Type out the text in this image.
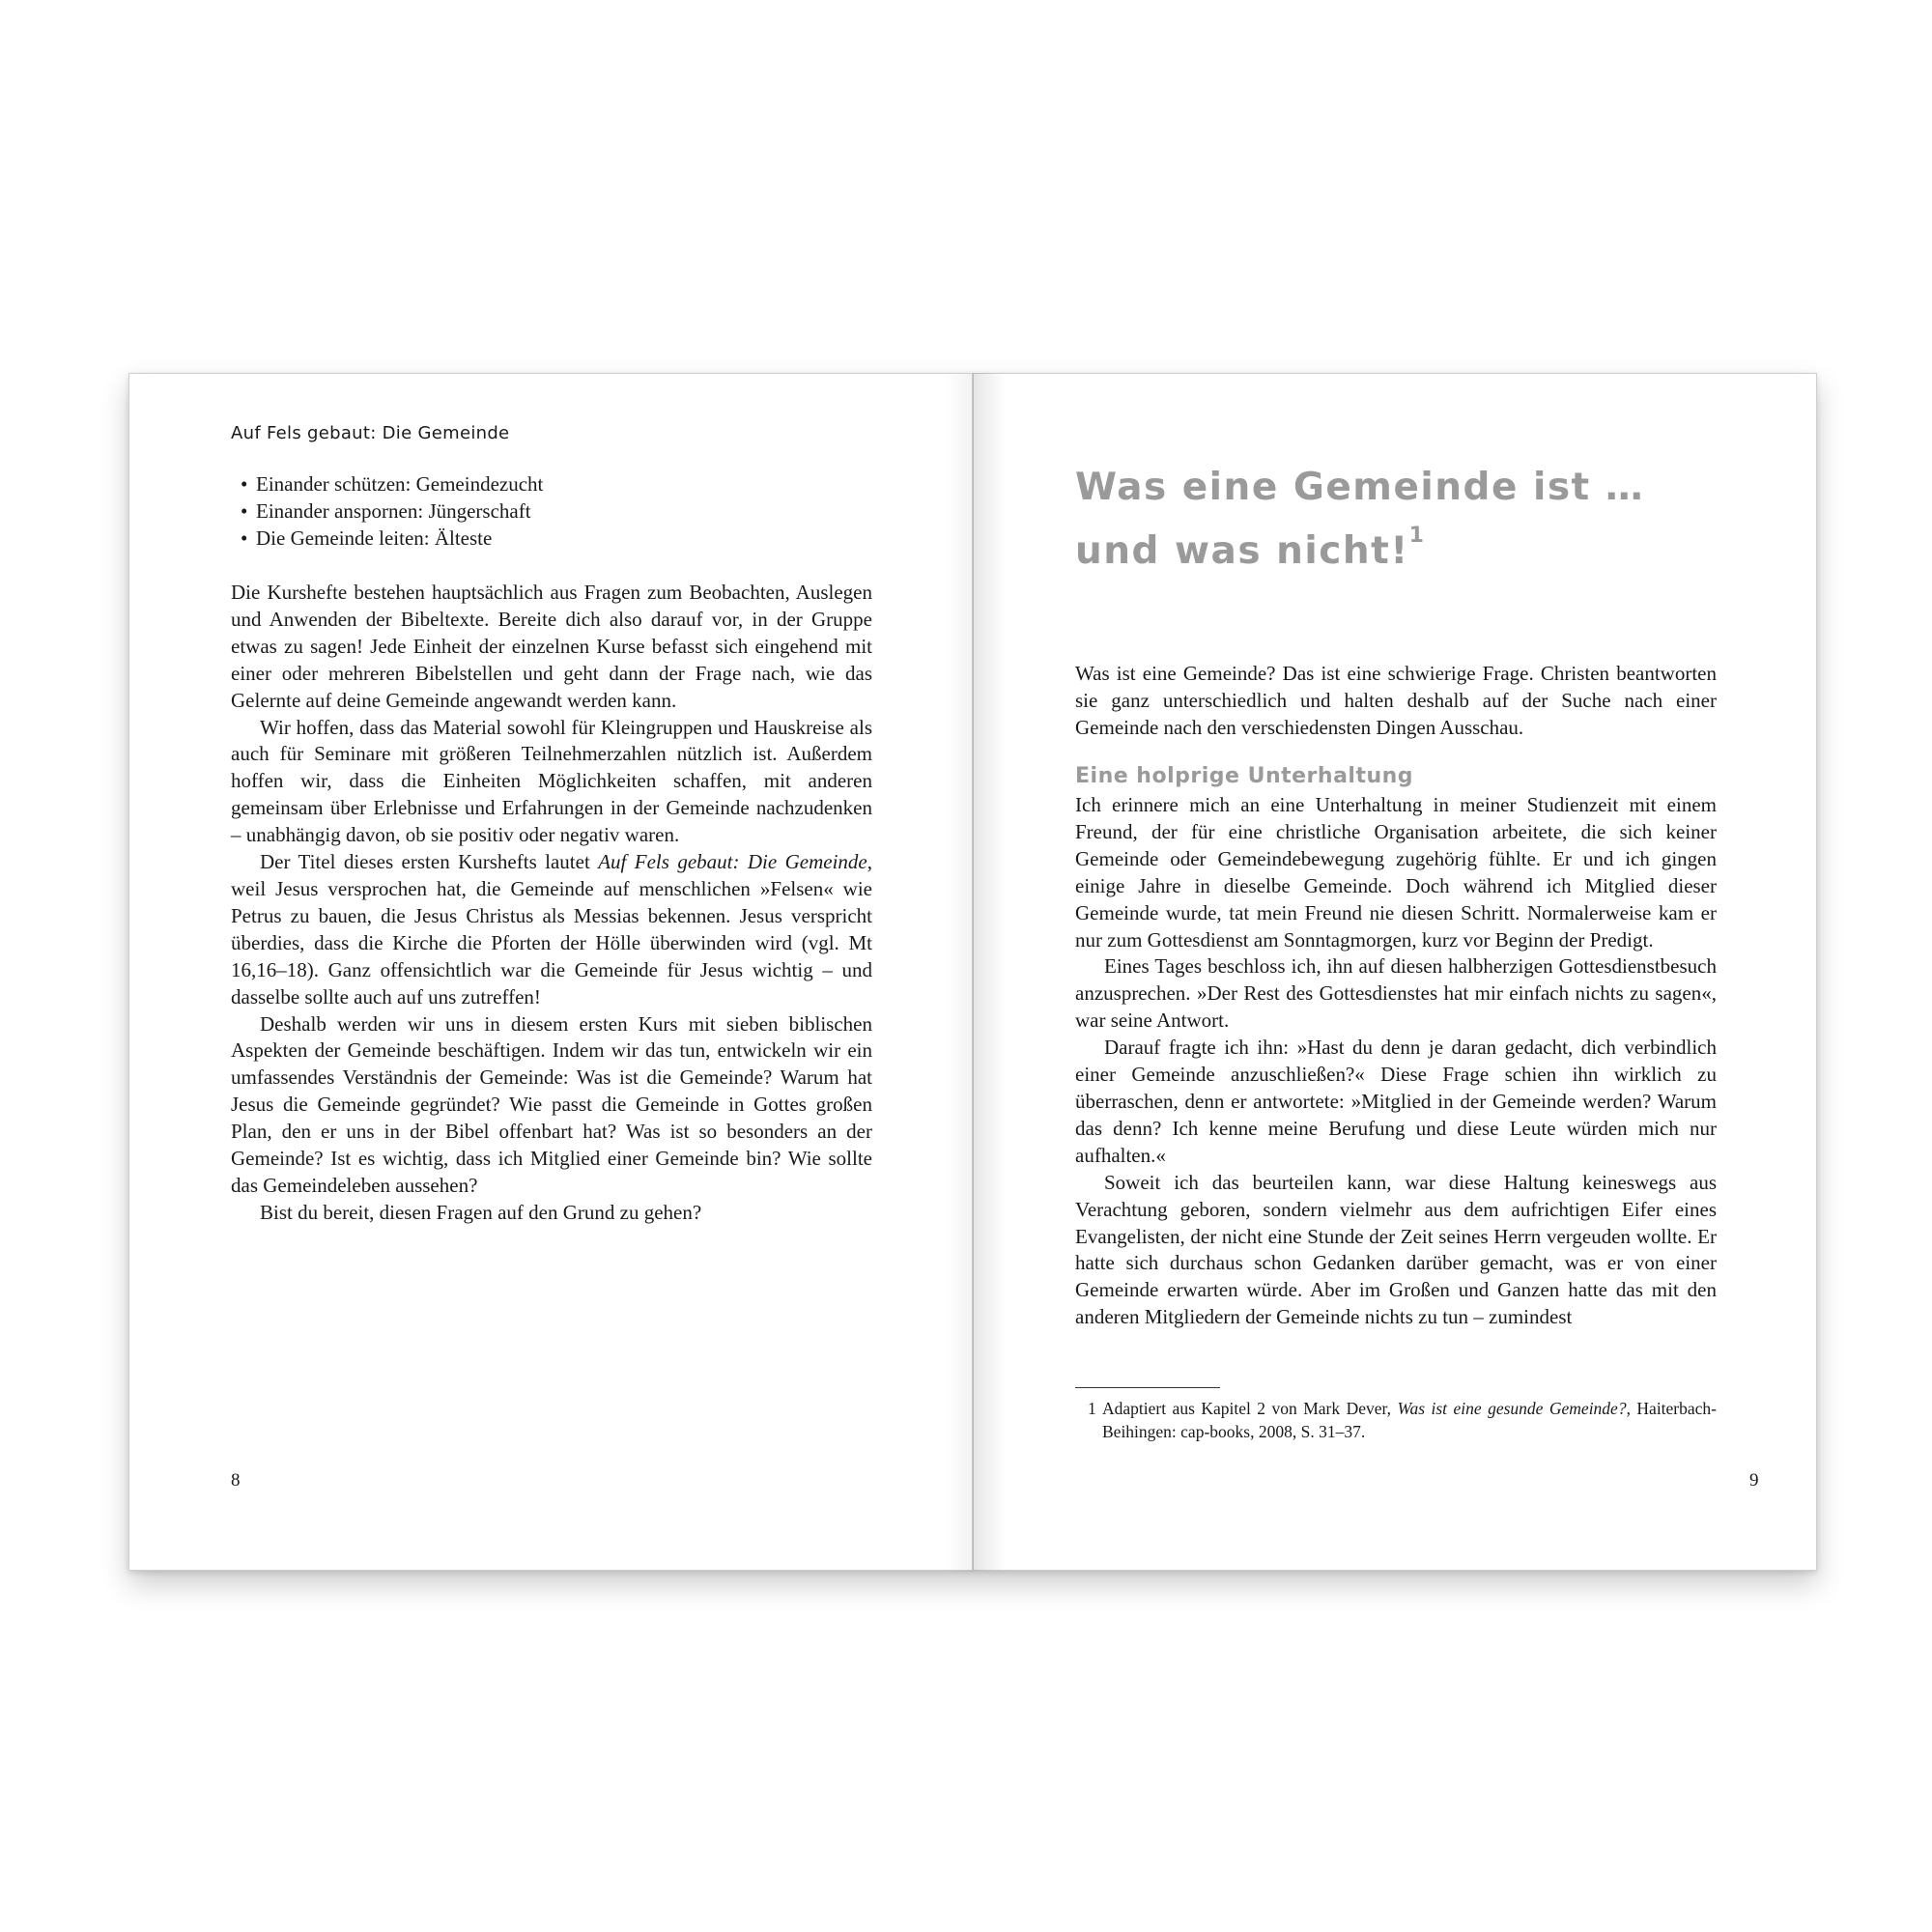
Auf Fels gebaut: Die Gemeinde
• Einander schützen: Gemeindezucht
• Einander anspornen: Jüngerschaft
• Die Gemeinde leiten: Älteste

Die Kurshefte bestehen hauptsächlich aus Fragen zum Beobachten, Auslegen und Anwenden der Bibeltexte. Bereite dich also darauf vor, in der Gruppe etwas zu sagen! Jede Einheit der einzelnen Kurse befasst sich eingehend mit einer oder mehreren Bibelstellen und geht dann der Frage nach, wie das Gelernte auf deine Gemeinde angewandt werden kann.

Wir hoffen, dass das Material sowohl für Kleingruppen und Hauskreise als auch für Seminare mit größeren Teilnehmerzahlen nützlich ist. Außerdem hoffen wir, dass die Einheiten Möglichkeiten schaffen, mit anderen gemeinsam über Erlebnisse und Erfahrungen in der Gemeinde nachzudenken – unabhängig davon, ob sie positiv oder negativ waren.

Der Titel dieses ersten Kurshefts lautet Auf Fels gebaut: Die Gemeinde, weil Jesus versprochen hat, die Gemeinde auf menschlichen »Felsen« wie Petrus zu bauen, die Jesus Christus als Messias bekennen. Jesus verspricht überdies, dass die Kirche die Pforten der Hölle überwinden wird (vgl. Mt 16,16–18). Ganz offensichtlich war die Gemeinde für Jesus wichtig – und dasselbe sollte auch auf uns zutreffen!

Deshalb werden wir uns in diesem ersten Kurs mit sieben biblischen Aspekten der Gemeinde beschäftigen. Indem wir das tun, entwickeln wir ein umfassendes Verständnis der Gemeinde: Was ist die Gemeinde? Warum hat Jesus die Gemeinde gegründet? Wie passt die Gemeinde in Gottes großen Plan, den er uns in der Bibel offenbart hat? Was ist so besonders an der Gemeinde? Ist es wichtig, dass ich Mitglied einer Gemeinde bin? Wie sollte das Gemeindeleben aussehen?

Bist du bereit, diesen Fragen auf den Grund zu gehen?

8	9
Was eine Gemeinde ist …
und was nicht!$^1$

Was ist eine Gemeinde? Das ist eine schwierige Frage. Christen beantworten sie ganz unterschiedlich und halten deshalb auf der Suche nach einer Gemeinde nach den verschiedensten Dingen Ausschau.

Eine holprige Unterhaltung

Ich erinnere mich an eine Unterhaltung in meiner Studienzeit mit einem Freund, der für eine christliche Organisation arbeitete, die sich keiner Gemeinde oder Gemeindebewegung zugehörig fühlte. Er und ich gingen einige Jahre in dieselbe Gemeinde. Doch während ich Mitglied dieser Gemeinde wurde, tat mein Freund nie diesen Schritt. Normalerweise kam er nur zum Gottesdienst am Sonntagmorgen, kurz vor Beginn der Predigt.

Eines Tages beschloss ich, ihn auf diesen halbherzigen Gottesdienstbesuch anzusprechen. »Der Rest des Gottesdienstes hat mir einfach nichts zu sagen«, war seine Antwort.

Darauf fragte ich ihn: »Hast du denn je daran gedacht, dich verbindlich einer Gemeinde anzuschließen?« Diese Frage schien ihn wirklich zu überraschen, denn er antwortete: »Mitglied in der Gemeinde werden? Warum das denn? Ich kenne meine Berufung und diese Leute würden mich nur aufhalten.«

Soweit ich das beurteilen kann, war diese Haltung keineswegs aus Verachtung geboren, sondern vielmehr aus dem aufrichtigen Eifer eines Evangelisten, der nicht eine Stunde der Zeit seines Herrn vergeuden wollte. Er hatte sich durchaus schon Gedanken darüber gemacht, was er von einer Gemeinde erwarten würde. Aber im Großen und Ganzen hatte das mit den anderen Mitgliedern der Gemeinde nichts zu tun – zumindest

1 Adaptiert aus Kapitel 2 von Mark Dever, Was ist eine gesunde Gemeinde?, Haiterbach-Beihingen: cap-books, 2008, S. 31–37.
